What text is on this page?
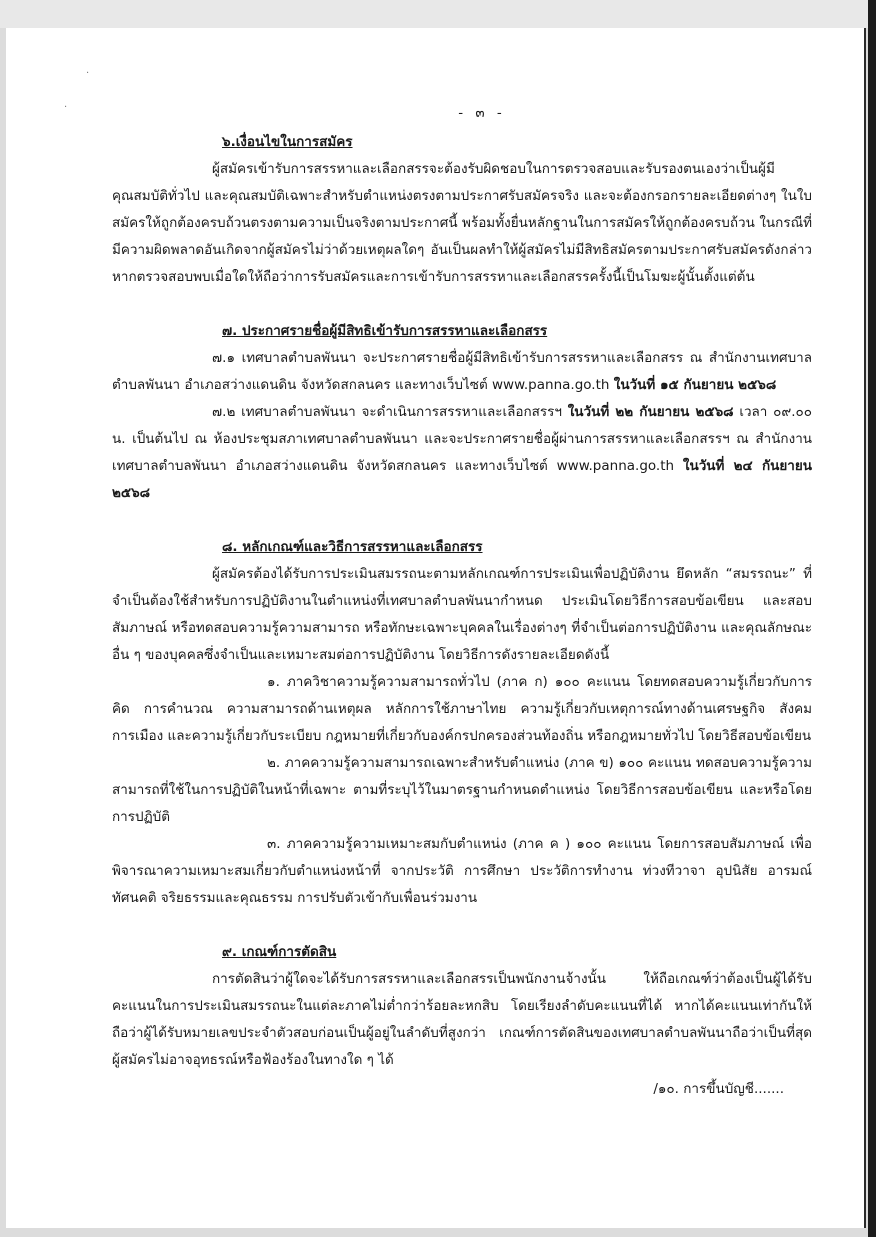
·
·	- ๓ -
๖.เงื่อนไขในการสมัคร

ผู้สมัครเข้ารับการสรรหาและเลือกสรรจะต้องรับผิดชอบในการตรวจสอบและรับรองตนเองว่าเป็นผู้มีคุณสมบัติทั่วไป และคุณสมบัติเฉพาะสำหรับตำแหน่งตรงตามประกาศรับสมัครจริง และจะต้องกรอกรายละเอียดต่างๆ ในใบสมัครให้ถูกต้องครบถ้วนตรงตามความเป็นจริงตามประกาศนี้ พร้อมทั้งยื่นหลักฐานในการสมัครให้ถูกต้องครบถ้วน ในกรณีที่มีความผิดพลาดอันเกิดจากผู้สมัครไม่ว่าด้วยเหตุผลใดๆ อันเป็นผลทำให้ผู้สมัครไม่มีสิทธิสมัครตามประกาศรับสมัครดังกล่าว หากตรวจสอบพบเมื่อใดให้ถือว่าการรับสมัครและการเข้ารับการสรรหาและเลือกสรรครั้งนี้เป็นโมฆะผู้นั้นตั้งแต่ต้น

๗. ประกาศรายชื่อผู้มีสิทธิเข้ารับการสรรหาและเลือกสรร

๗.๑ เทศบาลตำบลพันนา จะประกาศรายชื่อผู้มีสิทธิเข้ารับการสรรหาและเลือกสรร ณ สำนักงานเทศบาลตำบลพันนา อำเภอสว่างแดนดิน จังหวัดสกลนคร และทางเว็บไซต์ www.panna.go.th ในวันที่ ๑๕ กันยายน ๒๕๖๘

๗.๒ เทศบาลตำบลพันนา จะดำเนินการสรรหาและเลือกสรรฯ ในวันที่ ๒๒ กันยายน ๒๕๖๘ เวลา ๐๙.๐๐ น. เป็นต้นไป ณ ห้องประชุมสภาเทศบาลตำบลพันนา และจะประกาศรายชื่อผู้ผ่านการสรรหาและเลือกสรรฯ ณ สำนักงานเทศบาลตำบลพันนา อำเภอสว่างแดนดิน จังหวัดสกลนคร และทางเว็บไซต์ www.panna.go.th ในวันที่ ๒๔ กันยายน ๒๕๖๘

๘. หลักเกณฑ์และวิธีการสรรหาและเลือกสรร

ผู้สมัครต้องได้รับการประเมินสมรรถนะตามหลักเกณฑ์การประเมินเพื่อปฏิบัติงาน ยึดหลัก “สมรรถนะ” ที่จำเป็นต้องใช้สำหรับการปฏิบัติงานในตำแหน่งที่เทศบาลตำบลพันนากำหนด ประเมินโดยวิธีการสอบข้อเขียน และสอบสัมภาษณ์ หรือทดสอบความรู้ความสามารถ หรือทักษะเฉพาะบุคคลในเรื่องต่างๆ ที่จำเป็นต่อการปฏิบัติงาน และคุณลักษณะอื่น ๆ ของบุคคลซึ่งจำเป็นและเหมาะสมต่อการปฏิบัติงาน โดยวิธีการดังรายละเอียดดังนี้

๑. ภาควิชาความรู้ความสามารถทั่วไป (ภาค ก) ๑๐๐ คะแนน โดยทดสอบความรู้เกี่ยวกับการคิด การคำนวณ ความสามารถด้านเหตุผล หลักการใช้ภาษาไทย ความรู้เกี่ยวกับเหตุการณ์ทางด้านเศรษฐกิจ สังคม การเมือง และความรู้เกี่ยวกับระเบียบ กฎหมายที่เกี่ยวกับองค์กรปกครองส่วนท้องถิ่น หรือกฎหมายทั่วไป โดยวิธีสอบข้อเขียน

๒. ภาคความรู้ความสามารถเฉพาะสำหรับตำแหน่ง (ภาค ข) ๑๐๐ คะแนน ทดสอบความรู้ความสามารถที่ใช้ในการปฏิบัติในหน้าที่เฉพาะ ตามที่ระบุไว้ในมาตรฐานกำหนดตำแหน่ง โดยวิธีการสอบข้อเขียน และหรือโดยการปฏิบัติ

๓. ภาคความรู้ความเหมาะสมกับตำแหน่ง (ภาค ค ) ๑๐๐ คะแนน โดยการสอบสัมภาษณ์ เพื่อพิจารณาความเหมาะสมเกี่ยวกับตำแหน่งหน้าที่ จากประวัติ การศึกษา ประวัติการทำงาน ท่วงทีวาจา อุปนิสัย อารมณ์ ทัศนคติ จริยธรรมและคุณธรรม การปรับตัวเข้ากับเพื่อนร่วมงาน

๙. เกณฑ์การตัดสิน

การตัดสินว่าผู้ใดจะได้รับการสรรหาและเลือกสรรเป็นพนักงานจ้างนั้น ให้ถือเกณฑ์ว่าต้องเป็นผู้ได้รับคะแนนในการประเมินสมรรถนะในแต่ละภาคไม่ต่ำกว่าร้อยละหกสิบ โดยเรียงลำดับคะแนนที่ได้ หากได้คะแนนเท่ากันให้ถือว่าผู้ได้รับหมายเลขประจำตัวสอบก่อนเป็นผู้อยู่ในลำดับที่สูงกว่า เกณฑ์การตัดสินของเทศบาลตำบลพันนาถือว่าเป็นที่สุด ผู้สมัครไม่อาจอุทธรณ์หรือฟ้องร้องในทางใด ๆ ได้

/๑๐. การขึ้นบัญชี.......
